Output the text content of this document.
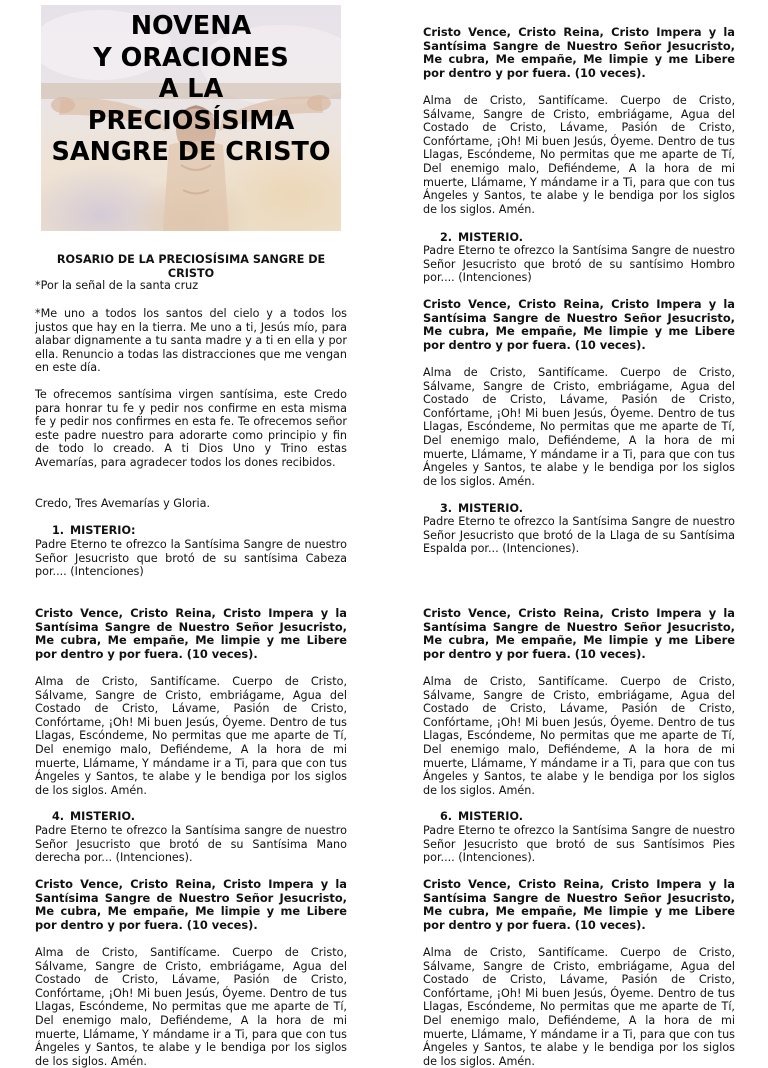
NOVENA
Y ORACIONES
A LA
PRECIOSÍSIMA
SANGRE DE CRISTO
ROSARIO DE LA PRECIOSÍSIMA SANGRE DE CRISTO

*Por la señal de la santa cruz

*Me uno a todos los santos del cielo y a todos los justos que hay en la tierra. Me uno a ti, Jesús mío, para alabar dignamente a tu santa madre y a ti en ella y por ella. Renuncio a todas las distracciones que me vengan en este día.

Te ofrecemos santísima virgen santísima, este Credo para honrar tu fe y pedir nos confirme en esta misma fe y pedir nos confirmes en esta fe. Te ofrecemos señor este padre nuestro para adorarte como principio y fin de todo lo creado. A ti Dios Uno y Trino estas Avemarías, para agradecer todos los dones recibidos.

Credo, Tres Avemarías y Gloria.

1. MISTERIO:

Padre Eterno te ofrezco la Santísima Sangre de nuestro Señor Jesucristo que brotó de su santísima Cabeza por.... (Intenciones)

Cristo Vence, Cristo Reina, Cristo Impera y la Santísima Sangre de Nuestro Señor Jesucristo, Me cubra, Me empañe, Me limpie y me Libere por dentro y por fuera. (10 veces).

Alma de Cristo, Santifícame. Cuerpo de Cristo, Sálvame, Sangre de Cristo, embriágame, Agua del Costado de Cristo, Lávame, Pasión de Cristo, Confórtame, ¡Oh! Mi buen Jesús, Óyeme. Dentro de tus Llagas, Escóndeme, No permitas que me aparte de Tí, Del enemigo malo, Defiéndeme, A la hora de mi muerte, Llámame, Y mándame ir a Ti, para que con tus Ángeles y Santos, te alabe y le bendiga por los siglos de los siglos. Amén.

4. MISTERIO.

Padre Eterno te ofrezco la Santísima sangre de nuestro Señor Jesucristo que brotó de su Santísima Mano derecha por... (Intenciones).

Cristo Vence, Cristo Reina, Cristo Impera y la Santísima Sangre de Nuestro Señor Jesucristo, Me cubra, Me empañe, Me limpie y me Libere por dentro y por fuera. (10 veces).

Alma de Cristo, Santifícame. Cuerpo de Cristo, Sálvame, Sangre de Cristo, embriágame, Agua del Costado de Cristo, Lávame, Pasión de Cristo, Confórtame, ¡Oh! Mi buen Jesús, Óyeme. Dentro de tus Llagas, Escóndeme, No permitas que me aparte de Tí, Del enemigo malo, Defiéndeme, A la hora de mi muerte, Llámame, Y mándame ir a Ti, para que con tus Ángeles y Santos, te alabe y le bendiga por los siglos de los siglos. Amén.

Cristo Vence, Cristo Reina, Cristo Impera y la Santísima Sangre de Nuestro Señor Jesucristo, Me cubra, Me empañe, Me limpie y me Libere por dentro y por fuera. (10 veces).

Alma de Cristo, Santifícame. Cuerpo de Cristo, Sálvame, Sangre de Cristo, embriágame, Agua del Costado de Cristo, Lávame, Pasión de Cristo, Confórtame, ¡Oh! Mi buen Jesús, Óyeme. Dentro de tus Llagas, Escóndeme, No permitas que me aparte de Tí, Del enemigo malo, Defiéndeme, A la hora de mi muerte, Llámame, Y mándame ir a Ti, para que con tus Ángeles y Santos, te alabe y le bendiga por los siglos de los siglos. Amén.

2. MISTERIO.

Padre Eterno te ofrezco la Santísima Sangre de nuestro Señor Jesucristo que brotó de su santísimo Hombro por.... (Intenciones)

Cristo Vence, Cristo Reina, Cristo Impera y la Santísima Sangre de Nuestro Señor Jesucristo, Me cubra, Me empañe, Me limpie y me Libere por dentro y por fuera. (10 veces).

Alma de Cristo, Santifícame. Cuerpo de Cristo, Sálvame, Sangre de Cristo, embriágame, Agua del Costado de Cristo, Lávame, Pasión de Cristo, Confórtame, ¡Oh! Mi buen Jesús, Óyeme. Dentro de tus Llagas, Escóndeme, No permitas que me aparte de Tí, Del enemigo malo, Defiéndeme, A la hora de mi muerte, Llámame, Y mándame ir a Ti, para que con tus Ángeles y Santos, te alabe y le bendiga por los siglos de los siglos. Amén.

3. MISTERIO.

Padre Eterno te ofrezco la Santísima Sangre de nuestro Señor Jesucristo que brotó de la Llaga de su Santísima Espalda por... (Intenciones).

Cristo Vence, Cristo Reina, Cristo Impera y la Santísima Sangre de Nuestro Señor Jesucristo, Me cubra, Me empañe, Me limpie y me Libere por dentro y por fuera. (10 veces).

Alma de Cristo, Santifícame. Cuerpo de Cristo, Sálvame, Sangre de Cristo, embriágame, Agua del Costado de Cristo, Lávame, Pasión de Cristo, Confórtame, ¡Oh! Mi buen Jesús, Óyeme. Dentro de tus Llagas, Escóndeme, No permitas que me aparte de Tí, Del enemigo malo, Defiéndeme, A la hora de mi muerte, Llámame, Y mándame ir a Ti, para que con tus Ángeles y Santos, te alabe y le bendiga por los siglos de los siglos. Amén.

6. MISTERIO.

Padre Eterno te ofrezco la Santísima Sangre de nuestro Señor Jesucristo que brotó de sus Santísimos Pies por.... (Intenciones).

Cristo Vence, Cristo Reina, Cristo Impera y la Santísima Sangre de Nuestro Señor Jesucristo, Me cubra, Me empañe, Me limpie y me Libere por dentro y por fuera. (10 veces).

Alma de Cristo, Santifícame. Cuerpo de Cristo, Sálvame, Sangre de Cristo, embriágame, Agua del Costado de Cristo, Lávame, Pasión de Cristo, Confórtame, ¡Oh! Mi buen Jesús, Óyeme. Dentro de tus Llagas, Escóndeme, No permitas que me aparte de Tí, Del enemigo malo, Defiéndeme, A la hora de mi muerte, Llámame, Y mándame ir a Ti, para que con tus Ángeles y Santos, te alabe y le bendiga por los siglos de los siglos. Amén.
